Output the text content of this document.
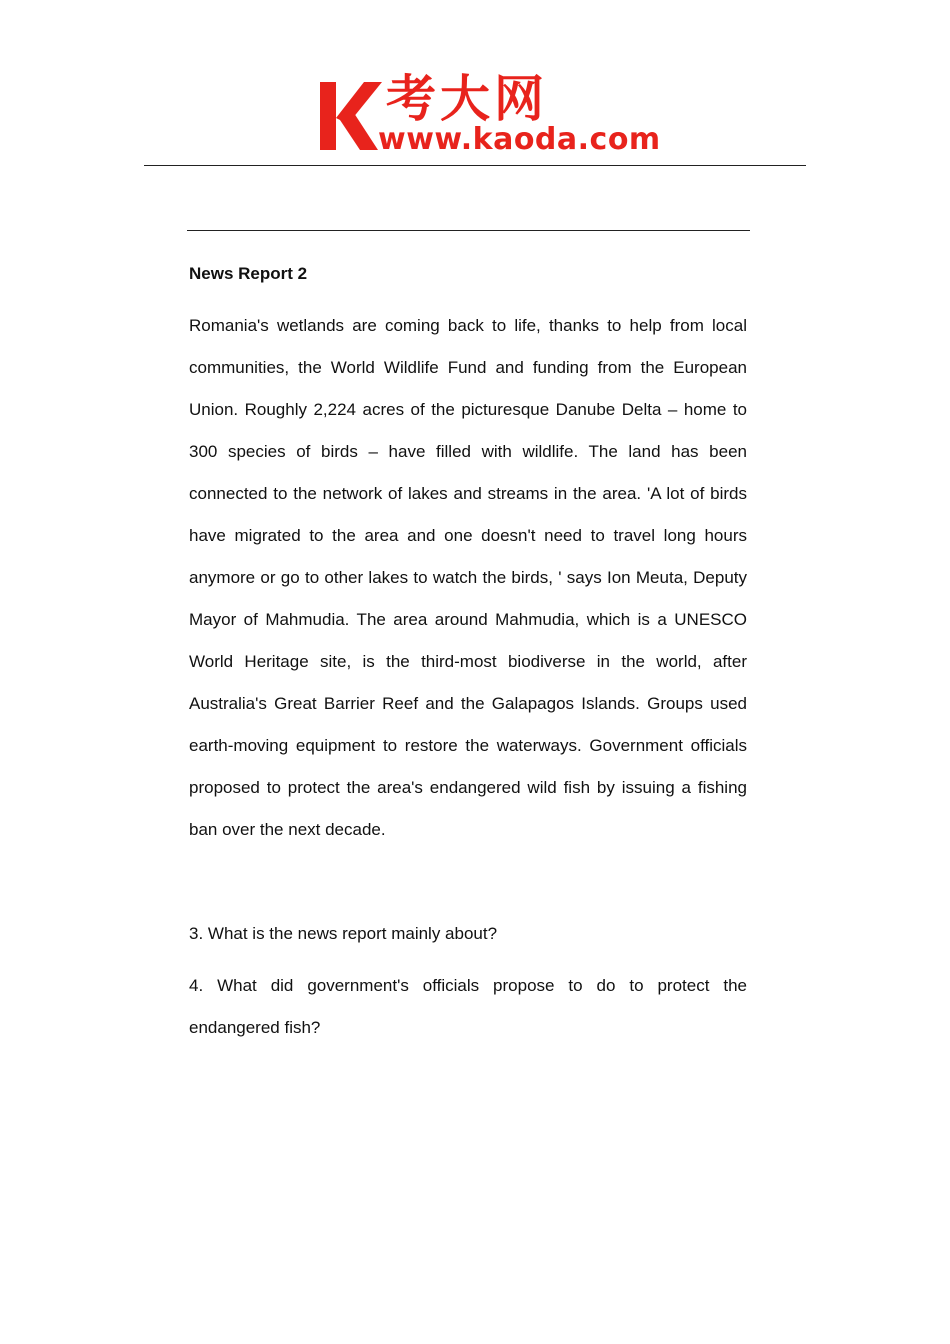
考大网
www.kaoda.com
News Report 2
Romania's wetlands are coming back to life, thanks to help from local
communities, the World Wildlife Fund and funding from the European
Union. Roughly 2,224 acres of the picturesque Danube Delta – home to
300 species of birds – have filled with wildlife. The land has been
connected to the network of lakes and streams in the area. 'A lot of birds
have migrated to the area and one doesn't need to travel long hours
anymore or go to other lakes to watch the birds, ' says Ion Meuta, Deputy
Mayor of Mahmudia. The area around Mahmudia, which is a UNESCO
World Heritage site, is the third-most biodiverse in the world, after
Australia's Great Barrier Reef and the Galapagos Islands. Groups used
earth-moving equipment to restore the waterways. Government officials
proposed to protect the area's endangered wild fish by issuing a fishing
ban over the next decade.
3. What is the news report mainly about?
4. What did government's officials propose to do to protect the
endangered fish?
